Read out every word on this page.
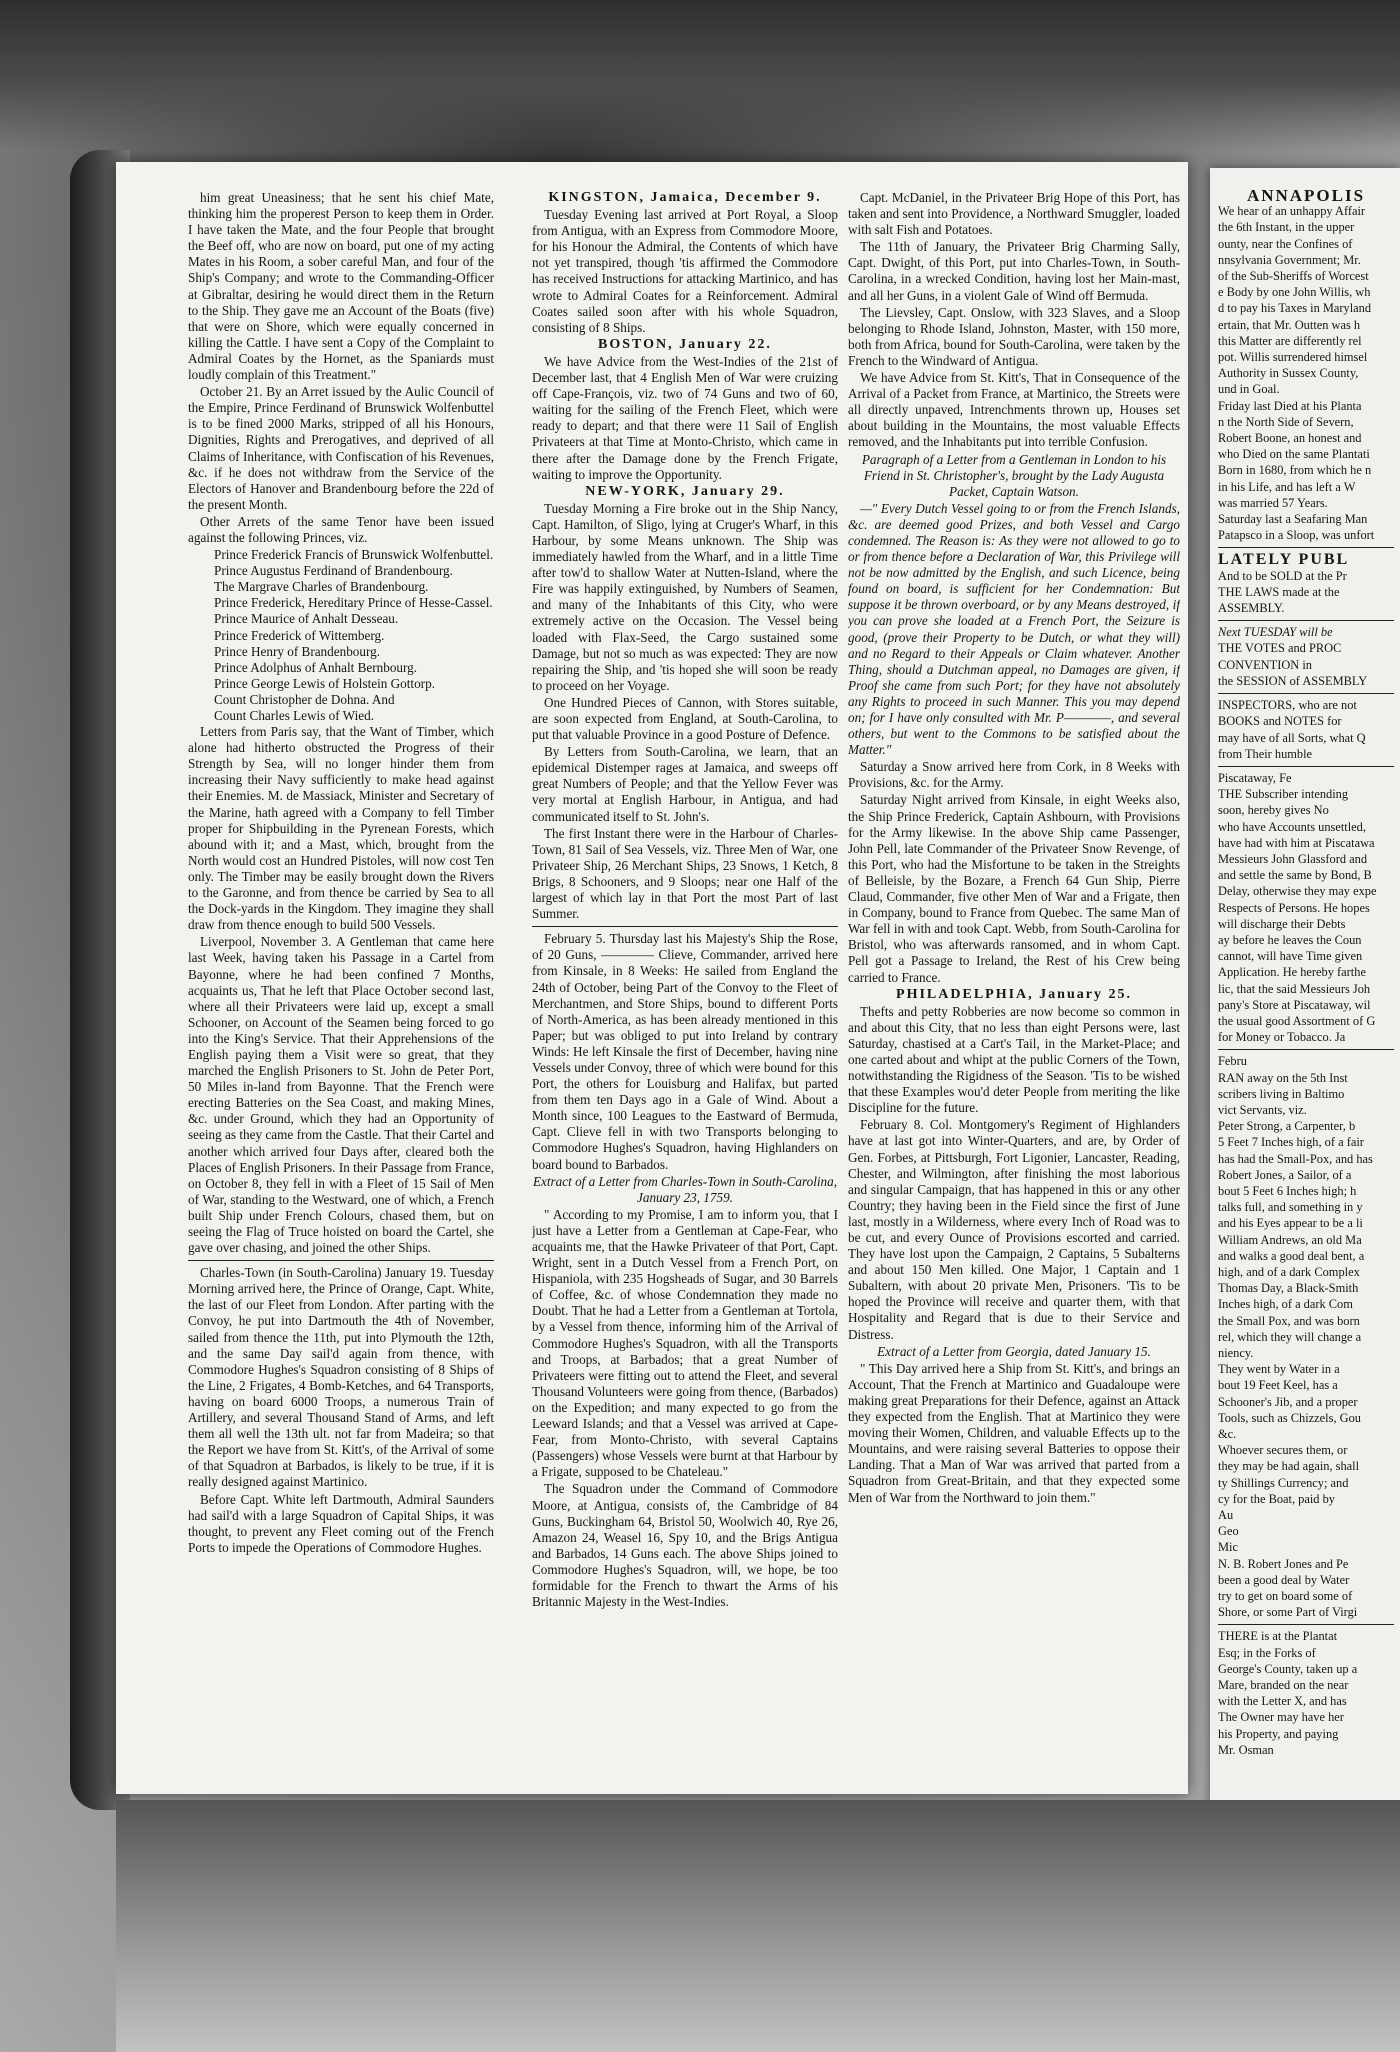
him great Uneasiness; that he sent his chief Mate, thinking him the properest Person to keep them in Order. I have taken the Mate, and the four People that brought the Beef off, who are now on board, put one of my acting Mates in his Room, a sober careful Man, and four of the Ship's Company; and wrote to the Commanding-Officer at Gibraltar, desiring he would direct them in the Return to the Ship. They gave me an Account of the Boats (five) that were on Shore, which were equally concerned in killing the Cattle. I have sent a Copy of the Complaint to Admiral Coates by the Hornet, as the Spaniards must loudly complain of this Treatment."

October 21. By an Arret issued by the Aulic Council of the Empire, Prince Ferdinand of Brunswick Wolfenbuttel is to be fined 2000 Marks, stripped of all his Honours, Dignities, Rights and Prerogatives, and deprived of all Claims of Inheritance, with Confiscation of his Revenues, &c. if he does not withdraw from the Service of the Electors of Hanover and Brandenbourg before the 22d of the present Month.

Other Arrets of the same Tenor have been issued against the following Princes, viz.

Prince Frederick Francis of Brunswick Wolfenbuttel.

Prince Augustus Ferdinand of Brandenbourg.

The Margrave Charles of Brandenbourg.

Prince Frederick, Hereditary Prince of Hesse-Cassel.

Prince Maurice of Anhalt Desseau.

Prince Frederick of Wittemberg.

Prince Henry of Brandenbourg.

Prince Adolphus of Anhalt Bernbourg.

Prince George Lewis of Holstein Gottorp.

Count Christopher de Dohna. And

Count Charles Lewis of Wied.

Letters from Paris say, that the Want of Timber, which alone had hitherto obstructed the Progress of their Strength by Sea, will no longer hinder them from increasing their Navy sufficiently to make head against their Enemies. M. de Massiack, Minister and Secretary of the Marine, hath agreed with a Company to fell Timber proper for Shipbuilding in the Pyrenean Forests, which abound with it; and a Mast, which, brought from the North would cost an Hundred Pistoles, will now cost Ten only. The Timber may be easily brought down the Rivers to the Garonne, and from thence be carried by Sea to all the Dock-yards in the Kingdom. They imagine they shall draw from thence enough to build 500 Vessels.

Liverpool, November 3. A Gentleman that came here last Week, having taken his Passage in a Cartel from Bayonne, where he had been confined 7 Months, acquaints us, That he left that Place October second last, where all their Privateers were laid up, except a small Schooner, on Account of the Seamen being forced to go into the King's Service. That their Apprehensions of the English paying them a Visit were so great, that they marched the English Prisoners to St. John de Peter Port, 50 Miles in-land from Bayonne. That the French were erecting Batteries on the Sea Coast, and making Mines, &c. under Ground, which they had an Opportunity of seeing as they came from the Castle. That their Cartel and another which arrived four Days after, cleared both the Places of English Prisoners. In their Passage from France, on October 8, they fell in with a Fleet of 15 Sail of Men of War, standing to the Westward, one of which, a French built Ship under French Colours, chased them, but on seeing the Flag of Truce hoisted on board the Cartel, she gave over chasing, and joined the other Ships.

Charles-Town (in South-Carolina) January 19. Tuesday Morning arrived here, the Prince of Orange, Capt. White, the last of our Fleet from London. After parting with the Convoy, he put into Dartmouth the 4th of November, sailed from thence the 11th, put into Plymouth the 12th, and the same Day sail'd again from thence, with Commodore Hughes's Squadron consisting of 8 Ships of the Line, 2 Frigates, 4 Bomb-Ketches, and 64 Transports, having on board 6000 Troops, a numerous Train of Artillery, and several Thousand Stand of Arms, and left them all well the 13th ult. not far from Madeira; so that the Report we have from St. Kitt's, of the Arrival of some of that Squadron at Barbados, is likely to be true, if it is really designed against Martinico.

Before Capt. White left Dartmouth, Admiral Saunders had sail'd with a large Squadron of Capital Ships, it was thought, to prevent any Fleet coming out of the French Ports to impede the Operations of Commodore Hughes.

KINGSTON, Jamaica, December 9.

Tuesday Evening last arrived at Port Royal, a Sloop from Antigua, with an Express from Commodore Moore, for his Honour the Admiral, the Contents of which have not yet transpired, though 'tis affirmed the Commodore has received Instructions for attacking Martinico, and has wrote to Admiral Coates for a Reinforcement. Admiral Coates sailed soon after with his whole Squadron, consisting of 8 Ships.

BOSTON, January 22.

We have Advice from the West-Indies of the 21st of December last, that 4 English Men of War were cruizing off Cape-François, viz. two of 74 Guns and two of 60, waiting for the sailing of the French Fleet, which were ready to depart; and that there were 11 Sail of English Privateers at that Time at Monto-Christo, which came in there after the Damage done by the French Frigate, waiting to improve the Opportunity.

NEW-YORK, January 29.

Tuesday Morning a Fire broke out in the Ship Nancy, Capt. Hamilton, of Sligo, lying at Cruger's Wharf, in this Harbour, by some Means unknown. The Ship was immediately hawled from the Wharf, and in a little Time after tow'd to shallow Water at Nutten-Island, where the Fire was happily extinguished, by Numbers of Seamen, and many of the Inhabitants of this City, who were extremely active on the Occasion. The Vessel being loaded with Flax-Seed, the Cargo sustained some Damage, but not so much as was expected: They are now repairing the Ship, and 'tis hoped she will soon be ready to proceed on her Voyage.

One Hundred Pieces of Cannon, with Stores suitable, are soon expected from England, at South-Carolina, to put that valuable Province in a good Posture of Defence.

By Letters from South-Carolina, we learn, that an epidemical Distemper rages at Jamaica, and sweeps off great Numbers of People; and that the Yellow Fever was very mortal at English Harbour, in Antigua, and had communicated itself to St. John's.

The first Instant there were in the Harbour of Charles-Town, 81 Sail of Sea Vessels, viz. Three Men of War, one Privateer Ship, 26 Merchant Ships, 23 Snows, 1 Ketch, 8 Brigs, 8 Schooners, and 9 Sloops; near one Half of the largest of which lay in that Port the most Part of last Summer.

February 5. Thursday last his Majesty's Ship the Rose, of 20 Guns, ———— Clieve, Commander, arrived here from Kinsale, in 8 Weeks: He sailed from England the 24th of October, being Part of the Convoy to the Fleet of Merchantmen, and Store Ships, bound to different Ports of North-America, as has been already mentioned in this Paper; but was obliged to put into Ireland by contrary Winds: He left Kinsale the first of December, having nine Vessels under Convoy, three of which were bound for this Port, the others for Louisburg and Halifax, but parted from them ten Days ago in a Gale of Wind. About a Month since, 100 Leagues to the Eastward of Bermuda, Capt. Clieve fell in with two Transports belonging to Commodore Hughes's Squadron, having Highlanders on board bound to Barbados.

Extract of a Letter from Charles-Town in South-Carolina, January 23, 1759.

" According to my Promise, I am to inform you, that I just have a Letter from a Gentleman at Cape-Fear, who acquaints me, that the Hawke Privateer of that Port, Capt. Wright, sent in a Dutch Vessel from a French Port, on Hispaniola, with 235 Hogsheads of Sugar, and 30 Barrels of Coffee, &c. of whose Condemnation they made no Doubt. That he had a Letter from a Gentleman at Tortola, by a Vessel from thence, informing him of the Arrival of Commodore Hughes's Squadron, with all the Transports and Troops, at Barbados; that a great Number of Privateers were fitting out to attend the Fleet, and several Thousand Volunteers were going from thence, (Barbados) on the Expedition; and many expected to go from the Leeward Islands; and that a Vessel was arrived at Cape-Fear, from Monto-Christo, with several Captains (Passengers) whose Vessels were burnt at that Harbour by a Frigate, supposed to be Chateleau."

The Squadron under the Command of Commodore Moore, at Antigua, consists of, the Cambridge of 84 Guns, Buckingham 64, Bristol 50, Woolwich 40, Rye 26, Amazon 24, Weasel 16, Spy 10, and the Brigs Antigua and Barbados, 14 Guns each. The above Ships joined to Commodore Hughes's Squadron, will, we hope, be too formidable for the French to thwart the Arms of his Britannic Majesty in the West-Indies.

Capt. McDaniel, in the Privateer Brig Hope of this Port, has taken and sent into Providence, a Northward Smuggler, loaded with salt Fish and Potatoes.

The 11th of January, the Privateer Brig Charming Sally, Capt. Dwight, of this Port, put into Charles-Town, in South-Carolina, in a wrecked Condition, having lost her Main-mast, and all her Guns, in a violent Gale of Wind off Bermuda.

The Lievsley, Capt. Onslow, with 323 Slaves, and a Sloop belonging to Rhode Island, Johnston, Master, with 150 more, both from Africa, bound for South-Carolina, were taken by the French to the Windward of Antigua.

We have Advice from St. Kitt's, That in Consequence of the Arrival of a Packet from France, at Martinico, the Streets were all directly unpaved, Intrenchments thrown up, Houses set about building in the Mountains, the most valuable Effects removed, and the Inhabitants put into terrible Confusion.

Paragraph of a Letter from a Gentleman in London to his Friend in St. Christopher's, brought by the Lady Augusta Packet, Captain Watson.

—" Every Dutch Vessel going to or from the French Islands, &c. are deemed good Prizes, and both Vessel and Cargo condemned. The Reason is: As they were not allowed to go to or from thence before a Declaration of War, this Privilege will not be now admitted by the English, and such Licence, being found on board, is sufficient for her Condemnation: But suppose it be thrown overboard, or by any Means destroyed, if you can prove she loaded at a French Port, the Seizure is good, (prove their Property to be Dutch, or what they will) and no Regard to their Appeals or Claim whatever. Another Thing, should a Dutchman appeal, no Damages are given, if Proof she came from such Port; for they have not absolutely any Rights to proceed in such Manner. This you may depend on; for I have only consulted with Mr. P————, and several others, but went to the Commons to be satisfied about the Matter."

Saturday a Snow arrived here from Cork, in 8 Weeks with Provisions, &c. for the Army.

Saturday Night arrived from Kinsale, in eight Weeks also, the Ship Prince Frederick, Captain Ashbourn, with Provisions for the Army likewise. In the above Ship came Passenger, John Pell, late Commander of the Privateer Snow Revenge, of this Port, who had the Misfortune to be taken in the Streights of Belleisle, by the Bozare, a French 64 Gun Ship, Pierre Claud, Commander, five other Men of War and a Frigate, then in Company, bound to France from Quebec. The same Man of War fell in with and took Capt. Webb, from South-Carolina for Bristol, who was afterwards ransomed, and in whom Capt. Pell got a Passage to Ireland, the Rest of his Crew being carried to France.

PHILADELPHIA, January 25.

Thefts and petty Robberies are now become so common in and about this City, that no less than eight Persons were, last Saturday, chastised at a Cart's Tail, in the Market-Place; and one carted about and whipt at the public Corners of the Town, notwithstanding the Rigidness of the Season. 'Tis to be wished that these Examples wou'd deter People from meriting the like Discipline for the future.

February 8. Col. Montgomery's Regiment of Highlanders have at last got into Winter-Quarters, and are, by Order of Gen. Forbes, at Pittsburgh, Fort Ligonier, Lancaster, Reading, Chester, and Wilmington, after finishing the most laborious and singular Campaign, that has happened in this or any other Country; they having been in the Field since the first of June last, mostly in a Wilderness, where every Inch of Road was to be cut, and every Ounce of Provisions escorted and carried. They have lost upon the Campaign, 2 Captains, 5 Subalterns and about 150 Men killed. One Major, 1 Captain and 1 Subaltern, with about 20 private Men, Prisoners. 'Tis to be hoped the Province will receive and quarter them, with that Hospitality and Regard that is due to their Service and Distress.

Extract of a Letter from Georgia, dated January 15.

" This Day arrived here a Ship from St. Kitt's, and brings an Account, That the French at Martinico and Guadaloupe were making great Preparations for their Defence, against an Attack they expected from the English. That at Martinico they were moving their Women, Children, and valuable Effects up to the Mountains, and were raising several Batteries to oppose their Landing. That a Man of War was arrived that parted from a Squadron from Great-Britain, and that they expected some Men of War from the Northward to join them."

ANNAPOLIS

We hear of an unhappy Affair

the 6th Instant, in the upper

ounty, near the Confines of

nnsylvania Government; Mr.

of the Sub-Sheriffs of Worcest

e Body by one John Willis, wh

d to pay his Taxes in Maryland

ertain, that Mr. Outten was h

this Matter are differently rel

pot. Willis surrendered himsel

Authority in Sussex County,

und in Goal.

Friday last Died at his Planta

n the North Side of Severn,

Robert Boone, an honest and

who Died on the same Plantati

Born in 1680, from which he n

in his Life, and has left a W

was married 57 Years.

Saturday last a Seafaring Man

Patapsco in a Sloop, was unfort

LATELY PUBL

And to be SOLD at the Pr

THE LAWS made at the

ASSEMBLY.

Next TUESDAY will be

THE VOTES and PROC

CONVENTION in

the SESSION of ASSEMBLY

INSPECTORS, who are not

BOOKS and NOTES for

may have of all Sorts, what Q

from Their humble

Piscataway, Fe

THE Subscriber intending

soon, hereby gives No

who have Accounts unsettled,

have had with him at Piscatawa

Messieurs John Glassford and

and settle the same by Bond, B

Delay, otherwise they may expe

Respects of Persons. He hopes

will discharge their Debts

ay before he leaves the Coun

cannot, will have Time given

Application. He hereby farthe

lic, that the said Messieurs Joh

pany's Store at Piscataway, wil

the usual good Assortment of G

for Money or Tobacco. Ja

Febru

RAN away on the 5th Inst

scribers living in Baltimo

vict Servants, viz.

Peter Strong, a Carpenter, b

5 Feet 7 Inches high, of a fair

has had the Small-Pox, and has

Robert Jones, a Sailor, of a

bout 5 Feet 6 Inches high; h

talks full, and something in y

and his Eyes appear to be a li

William Andrews, an old Ma

and walks a good deal bent, a

high, and of a dark Complex

Thomas Day, a Black-Smith

Inches high, of a dark Com

the Small Pox, and was born

rel, which they will change a

niency.

They went by Water in a

bout 19 Feet Keel, has a

Schooner's Jib, and a proper

Tools, such as Chizzels, Gou

&c.

Whoever secures them, or

they may be had again, shall

ty Shillings Currency; and

cy for the Boat, paid by

Au

Geo

Mic

N. B. Robert Jones and Pe

been a good deal by Water

try to get on board some of

Shore, or some Part of Virgi

THERE is at the Plantat

Esq; in the Forks of

George's County, taken up a

Mare, branded on the near

with the Letter X, and has

The Owner may have her

his Property, and paying

Mr. Osman
